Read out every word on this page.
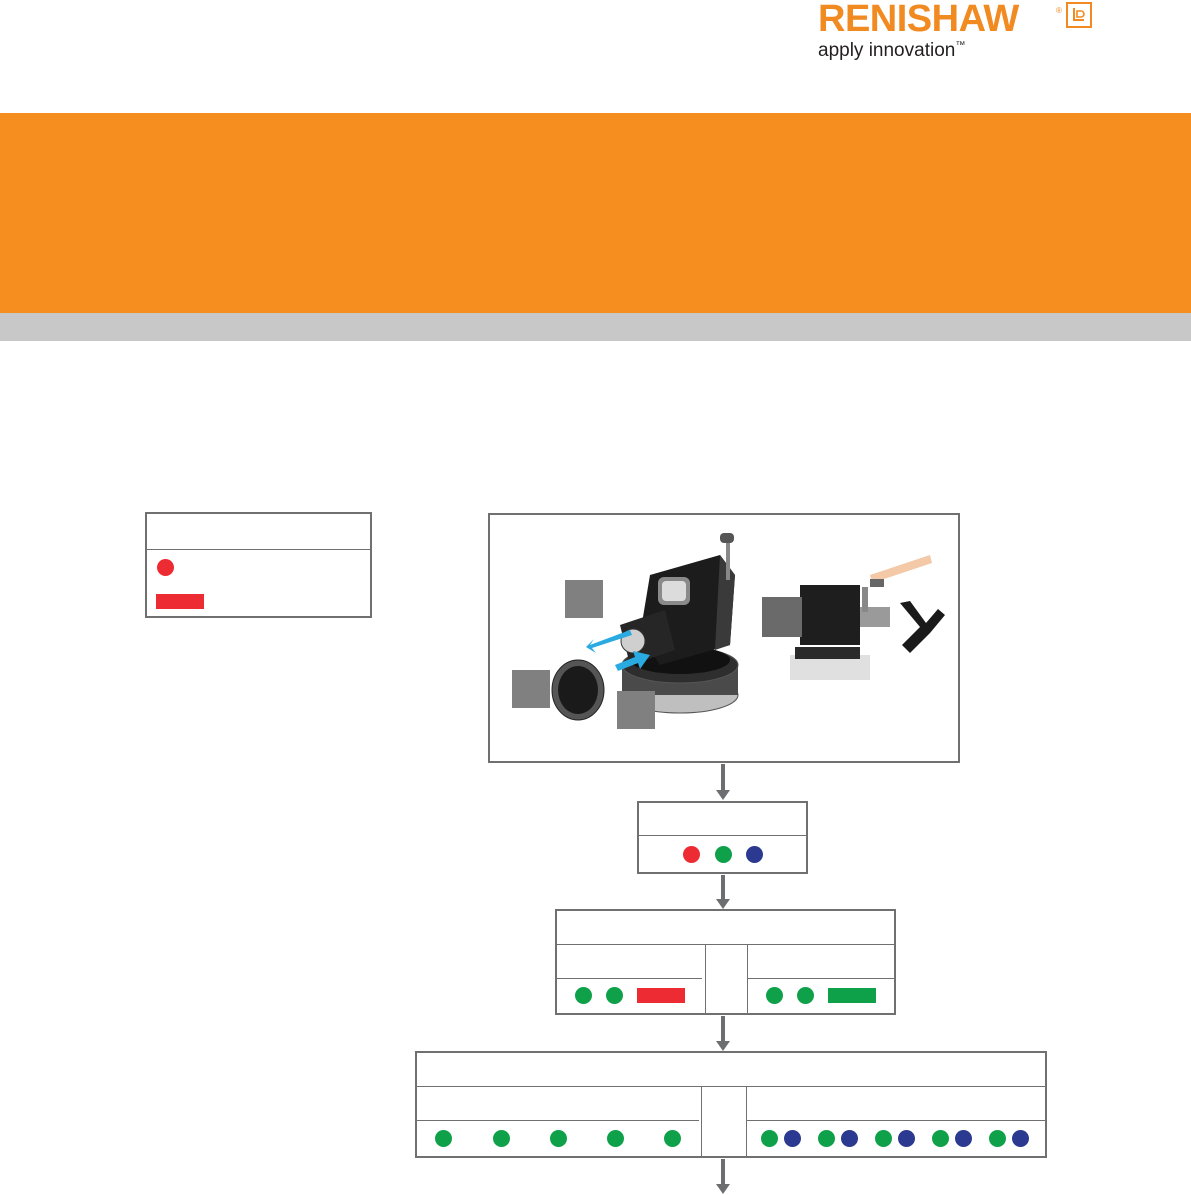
RENISHAW	®
apply innovation™
